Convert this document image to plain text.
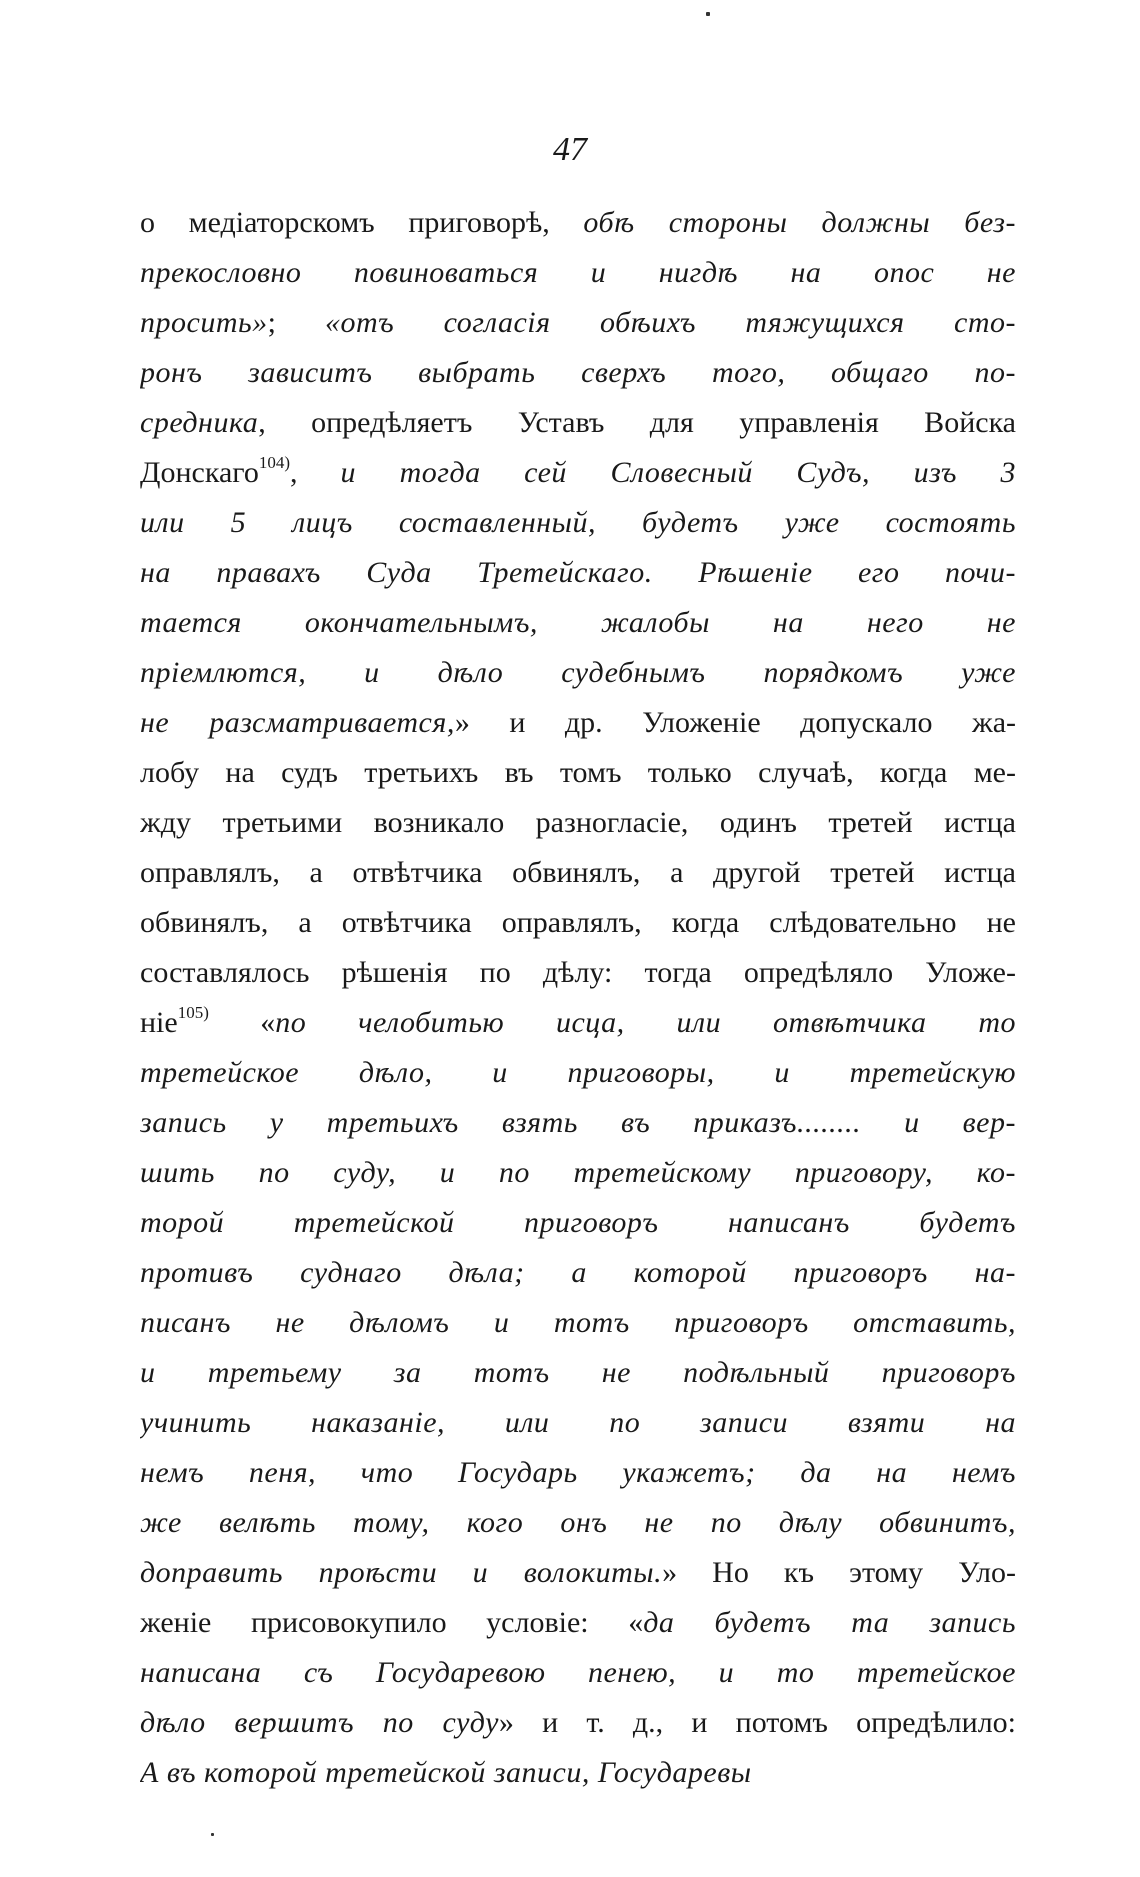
47
о медіаторскомъ приговорѣ, обѣ стороны должны без-
прекословно повиноваться и нигдѣ на опос не
просить»; «отъ согласія обѣихъ тяжущихся сто-
ронъ зависитъ выбрать сверхъ того, общаго по-
средника, опредѣляетъ Уставъ для управленія Войска
Донскаго$^{104)}$, и тогда сей Словесный Судъ, изъ 3
или 5 лицъ составленный, будетъ уже состоять
на правахъ Суда Третейскаго. Рѣшеніе его почи-
тается окончательнымъ, жалобы на него не
пріемлются, и дѣло судебнымъ порядкомъ уже
не разсматривается,» и др. Уложеніе допускало жа-
лобу на судъ третьихъ въ томъ только случаѣ, когда ме-
жду третьими возникало разногласіе, одинъ третей истца
оправлялъ, а отвѣтчика обвинялъ, а другой третей истца
обвинялъ, а отвѣтчика оправлялъ, когда слѣдовательно не
составлялось рѣшенія по дѣлу: тогда опредѣляло Уложе-
ніе$^{105)}$ «по челобитью исца, или отвѣтчика то
третейское дѣло, и приговоры, и третейскую
запись у третьихъ взять въ приказъ........ и вер-
шить по суду, и по третейскому приговору, ко-
торой третейской приговоръ написанъ будетъ
противъ суднаго дѣла; а которой приговоръ на-
писанъ не дѣломъ и тотъ приговоръ отставить,
и третьему за тотъ не подѣльный приговоръ
учинить наказаніе, или по записи взяти на
немъ пеня, что Государь укажетъ; да на немъ
же велѣть тому, кого онъ не по дѣлу обвинитъ,
доправить проѣсти и волокиты.» Но къ этому Уло-
женіе присовокупило условіе: «да будетъ та запись
написана съ Государевою пенею, и то третейское
дѣло вершитъ по суду» и т. д., и потомъ опредѣлило:
А въ которой третейской записи, Государевы
